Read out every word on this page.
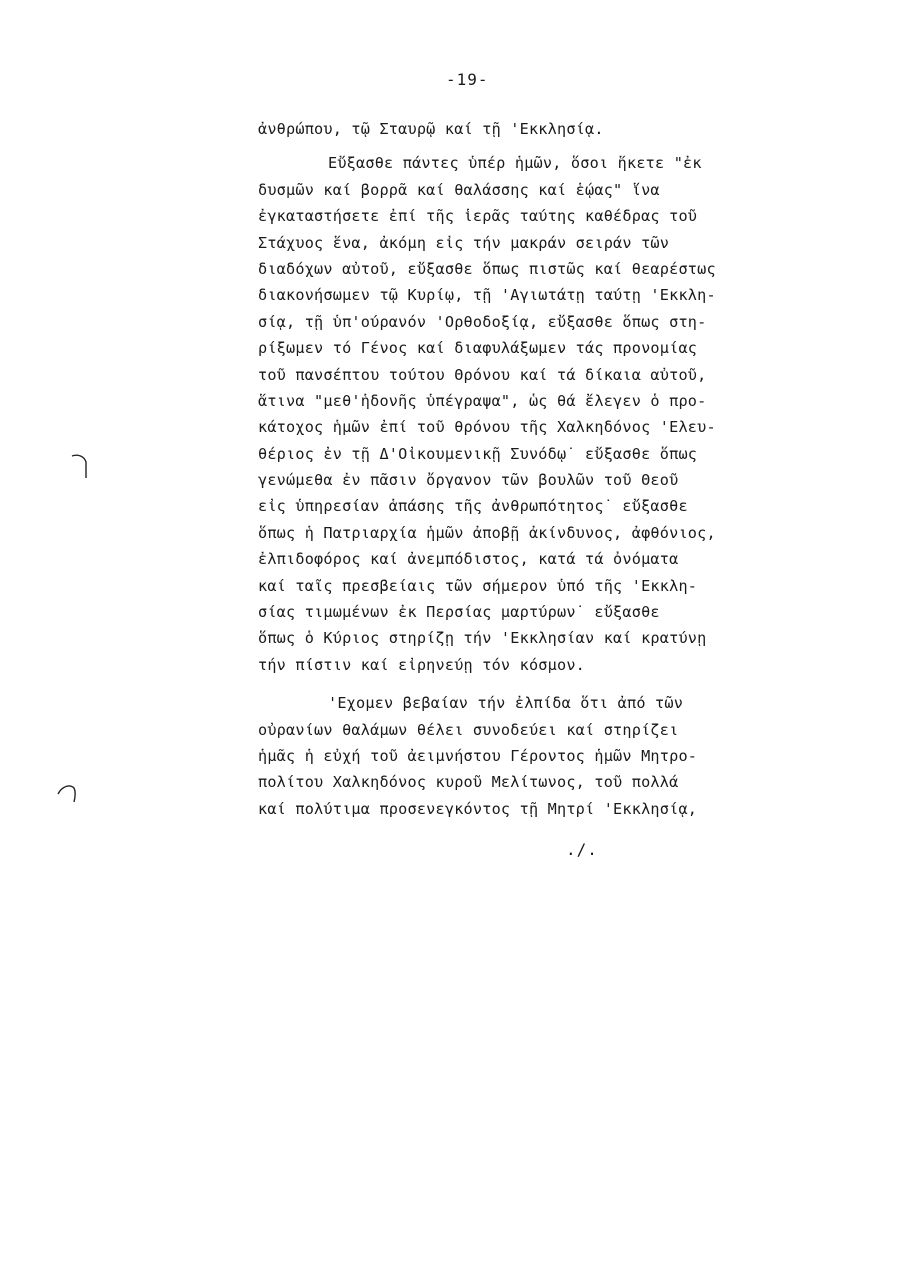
-19-
ἀνθρώπου, τῷ Σταυρῷ καί τῇ 'Εκκλησίᾳ.
Εὔξασθε πάντες ὑπέρ ἡμῶν, ὅσοι ἥκετε "ἐκ
δυσμῶν καί βορρᾶ καί θαλάσσης καί ἑῴας" ἵνα
ἐγκαταστήσετε ἐπί τῆς ἱερᾶς ταύτης καθέδρας τοῦ
Στάχυος ἕνα, ἀκόμη εἰς τήν μακράν σειράν τῶν
διαδόχων αὐτοῦ, εὔξασθε ὅπως πιστῶς καί θεαρέστως
διακονήσωμεν τῷ Κυρίῳ, τῇ 'Αγιωτάτῃ ταύτῃ 'Εκκλη-
σίᾳ, τῇ ὑπ'ούρανόν 'Ορθοδοξίᾳ, εὔξασθε ὅπως στη-
ρίξωμεν τό Γένος καί διαφυλάξωμεν τάς προνομίας
τοῦ πανσέπτου τούτου Θρόνου καί τά δίκαια αὐτοῦ,
ἅτινα "μεθ'ἡδονῆς ὑπέγραψα", ὡς θά ἔλεγεν ὁ προ-
κάτοχος ἡμῶν ἐπί τοῦ θρόνου τῆς Χαλκηδόνος 'Ελευ-
θέριος ἐν τῇ Δ'Οἰκουμενικῇ Συνόδῳ˙ εὔξασθε ὅπως
γενώμεθα ἐν πᾶσιν ὄργανον τῶν βουλῶν τοῦ Θεοῦ
εἰς ὑπηρεσίαν ἁπάσης τῆς ἀνθρωπότητος˙ εὔξασθε
ὅπως ἡ Πατριαρχία ἡμῶν ἀποβῇ ἀκίνδυνος, ἀφθόνιος,
ἐλπιδοφόρος καί ἀνεμπόδιστος, κατά τά ὀνόματα
καί ταῖς πρεσβείαις τῶν σήμερον ὑπό τῆς 'Εκκλη-
σίας τιμωμένων ἐκ Περσίας μαρτύρων˙ εὔξασθε
ὅπως ὁ Κύριος στηρίζῃ τήν 'Εκκλησίαν καί κρατύνῃ
τήν πίστιν καί εἰρηνεύῃ τόν κόσμον.
'Εχομεν βεβαίαν τήν ἐλπίδα ὅτι ἀπό τῶν
οὐρανίων θαλάμων θέλει συνοδεύει καί στηρίζει
ἡμᾶς ἡ εὐχή τοῦ ἀειμνήστου Γέροντος ἡμῶν Μητρο-
πολίτου Χαλκηδόνος κυροῦ Μελίτωνος, τοῦ πολλά
καί πολύτιμα προσενεγκόντος τῇ Μητρί 'Εκκλησίᾳ,
./.
